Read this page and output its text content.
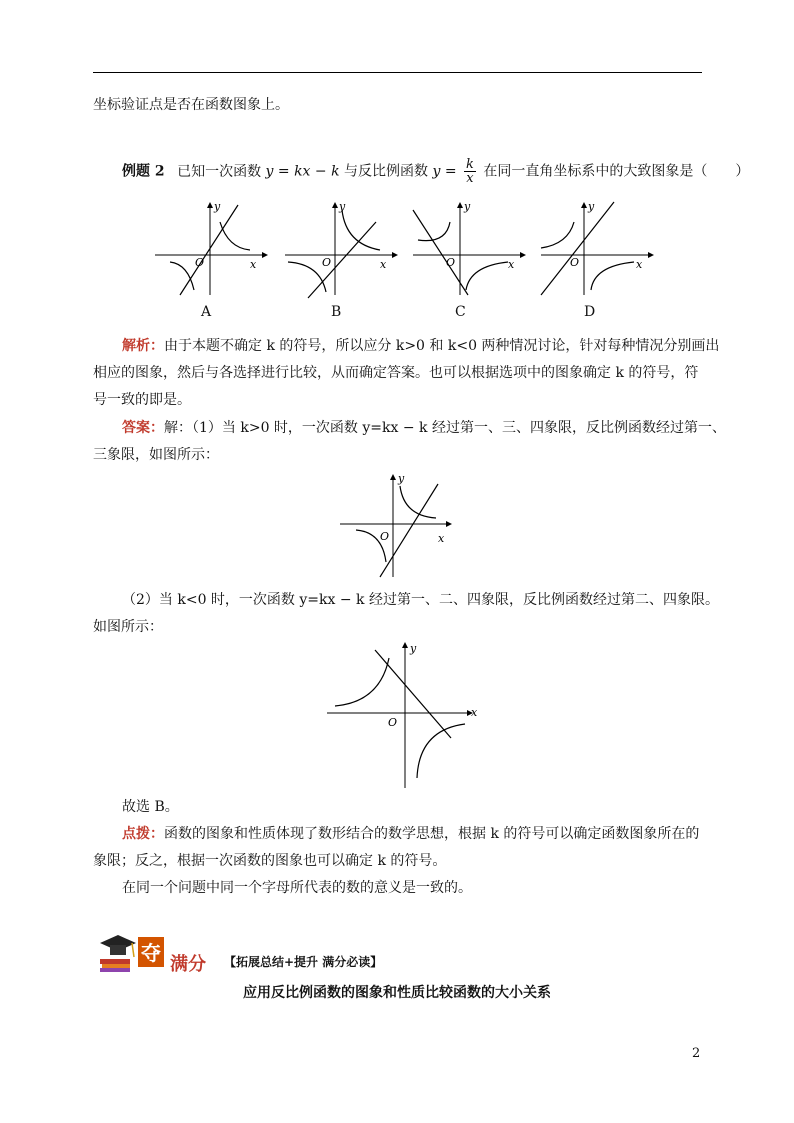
坐标验证点是否在函数图象上。
例题 2 已知一次函数 y = kx − k 与反比例函数 $y = \frac{k}{x}$ 在同一直角坐标系中的大致图象是（　　）
y
x
O
A
y
x
O
B
y
x
O
C
y
x
O
D
解析：由于本题不确定 k 的符号，所以应分 k>0 和 k<0 两种情况讨论，针对每种情况分别画出
相应的图象，然后与各选择进行比较，从而确定答案。也可以根据选项中的图象确定 k 的符号，符
号一致的即是。
答案：解：（1）当 k>0 时，一次函数 y=kx − k 经过第一、三、四象限，反比例函数经过第一、
三象限，如图所示：
y
x
O
（2）当 k<0 时，一次函数 y=kx − k 经过第一、二、四象限，反比例函数经过第二、四象限。
如图所示：
y
x
O
故选 B。
点拨：函数的图象和性质体现了数形结合的数学思想，根据 k 的符号可以确定函数图象所在的
象限；反之，根据一次函数的图象也可以确定 k 的符号。
在同一个问题中同一个字母所代表的数的意义是一致的。
夺 满分 【拓展总结+提升 满分必读】
应用反比例函数的图象和性质比较函数的大小关系
2
